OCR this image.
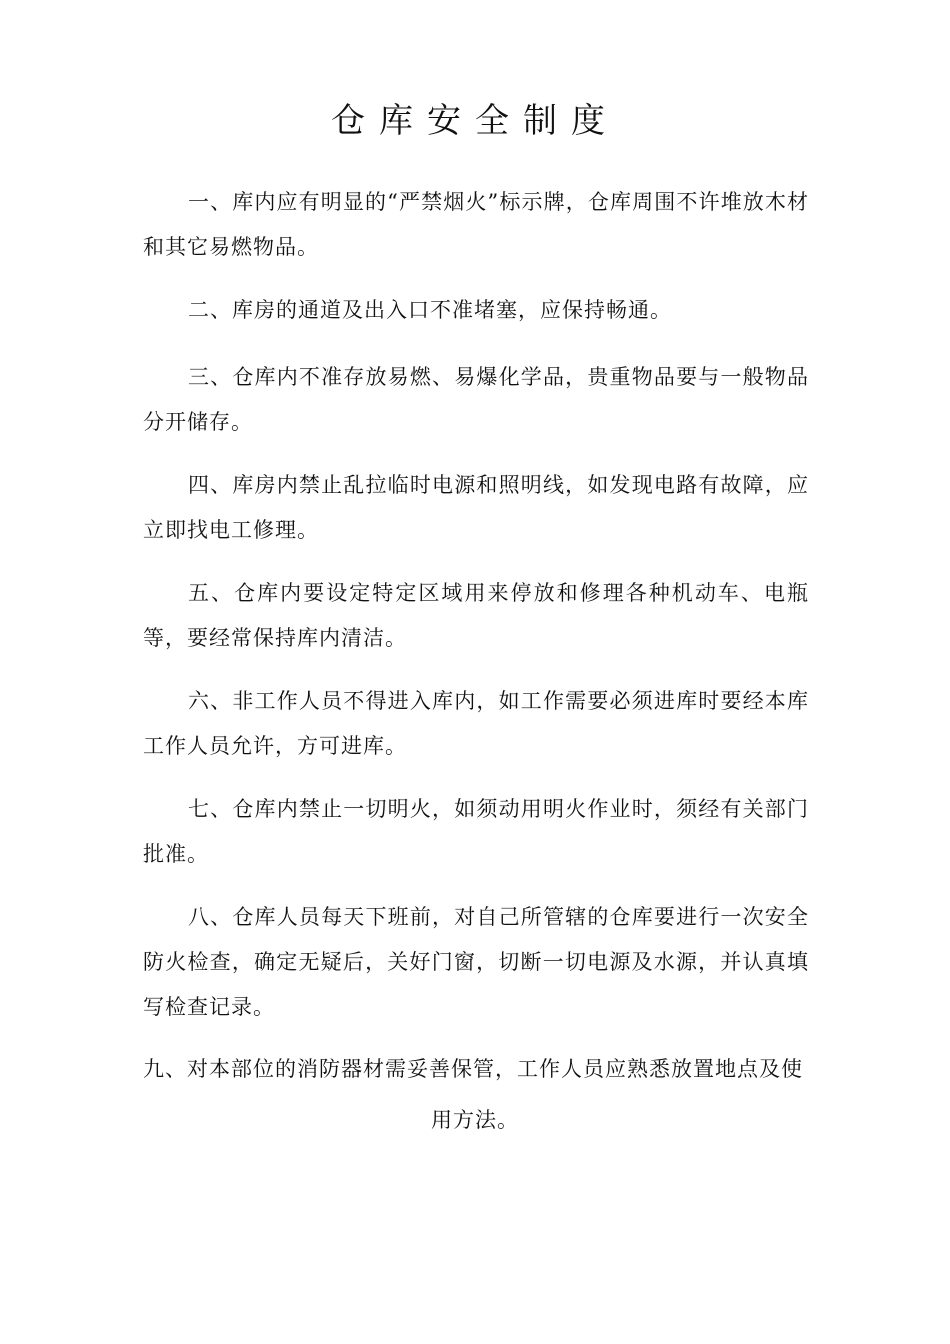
仓库安全制度

一、库内应有明显的“严禁烟火”标示牌，仓库周围不许堆放木材和其它易燃物品。

二、库房的通道及出入口不准堵塞，应保持畅通。

三、仓库内不准存放易燃、易爆化学品，贵重物品要与一般物品分开储存。

四、库房内禁止乱拉临时电源和照明线，如发现电路有故障，应立即找电工修理。

五、仓库内要设定特定区域用来停放和修理各种机动车、电瓶等，要经常保持库内清洁。

六、非工作人员不得进入库内，如工作需要必须进库时要经本库工作人员允许，方可进库。

七、仓库内禁止一切明火，如须动用明火作业时，须经有关部门批准。

八、仓库人员每天下班前，对自己所管辖的仓库要进行一次安全防火检查，确定无疑后，关好门窗，切断一切电源及水源，并认真填写检查记录。

九、对本部位的消防器材需妥善保管，工作人员应熟悉放置地点及使

用方法。
